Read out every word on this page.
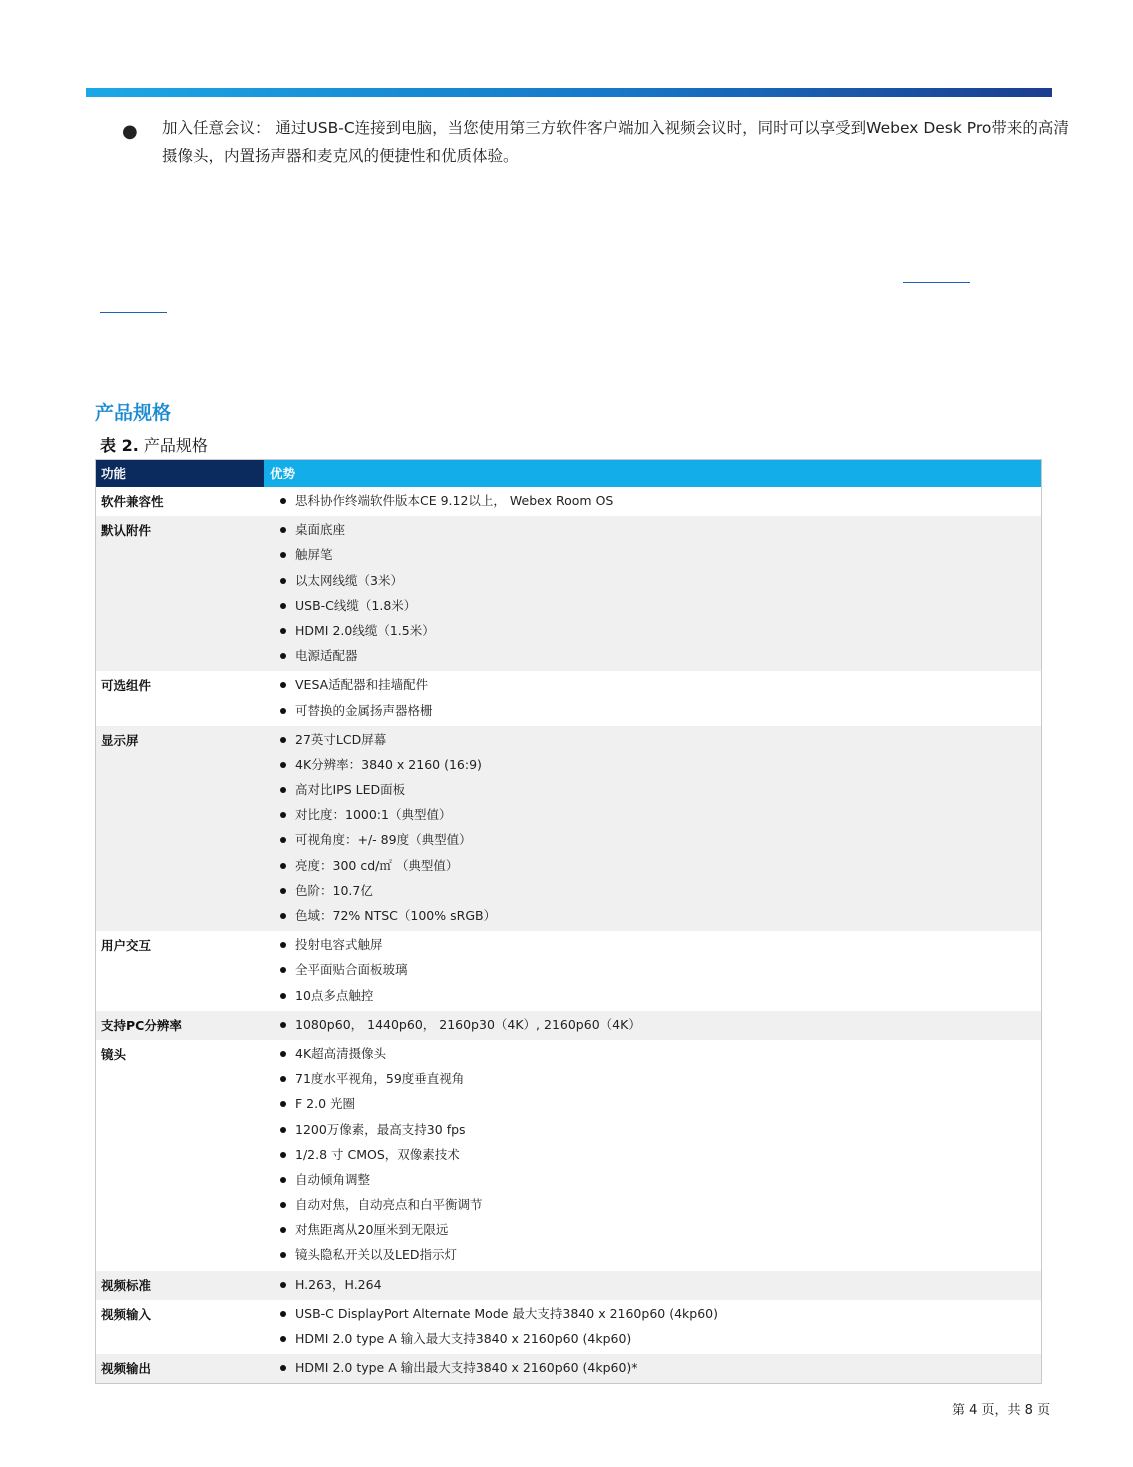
● 加入任意会议： 通过USB-C连接到电脑，当您使用第三方软件客户端加入视频会议时，同时可以享受到Webex Desk Pro带来的高清摄像头，内置扬声器和麦克风的便捷性和优质体验。
产品规格
表 2. 产品规格
功能	优势
软件兼容性	思科协作终端软件版本CE 9.12以上， Webex Room OS
默认附件	桌面底座
触屏笔
以太网线缆（3米）
USB-C线缆（1.8米）
HDMI 2.0线缆（1.5米）
电源适配器
可选组件	VESA适配器和挂墙配件
可替换的金属扬声器格栅
显示屏	27英寸LCD屏幕
4K分辨率：3840 x 2160 (16:9)
高对比IPS LED面板
对比度：1000:1（典型值）
可视角度：+/- 89度（典型值）
亮度：300 cd/㎡ （典型值）
色阶：10.7亿
色域：72% NTSC（100% sRGB）
用户交互	投射电容式触屏
全平面贴合面板玻璃
10点多点触控
支持PC分辨率	1080p60， 1440p60， 2160p30（4K）, 2160p60（4K）
镜头	4K超高清摄像头
71度水平视角，59度垂直视角
F 2.0 光圈
1200万像素，最高支持30 fps
1/2.8 寸 CMOS，双像素技术
自动倾角调整
自动对焦，自动亮点和白平衡调节
对焦距离从20厘米到无限远
镜头隐私开关以及LED指示灯
视频标准	H.263，H.264
视频输入	USB-C DisplayPort Alternate Mode 最大支持3840 x 2160p60 (4kp60)
HDMI 2.0 type A 输入最大支持3840 x 2160p60 (4kp60)
视频输出	HDMI 2.0 type A 输出最大支持3840 x 2160p60 (4kp60)*
第 4 页，共 8 页
